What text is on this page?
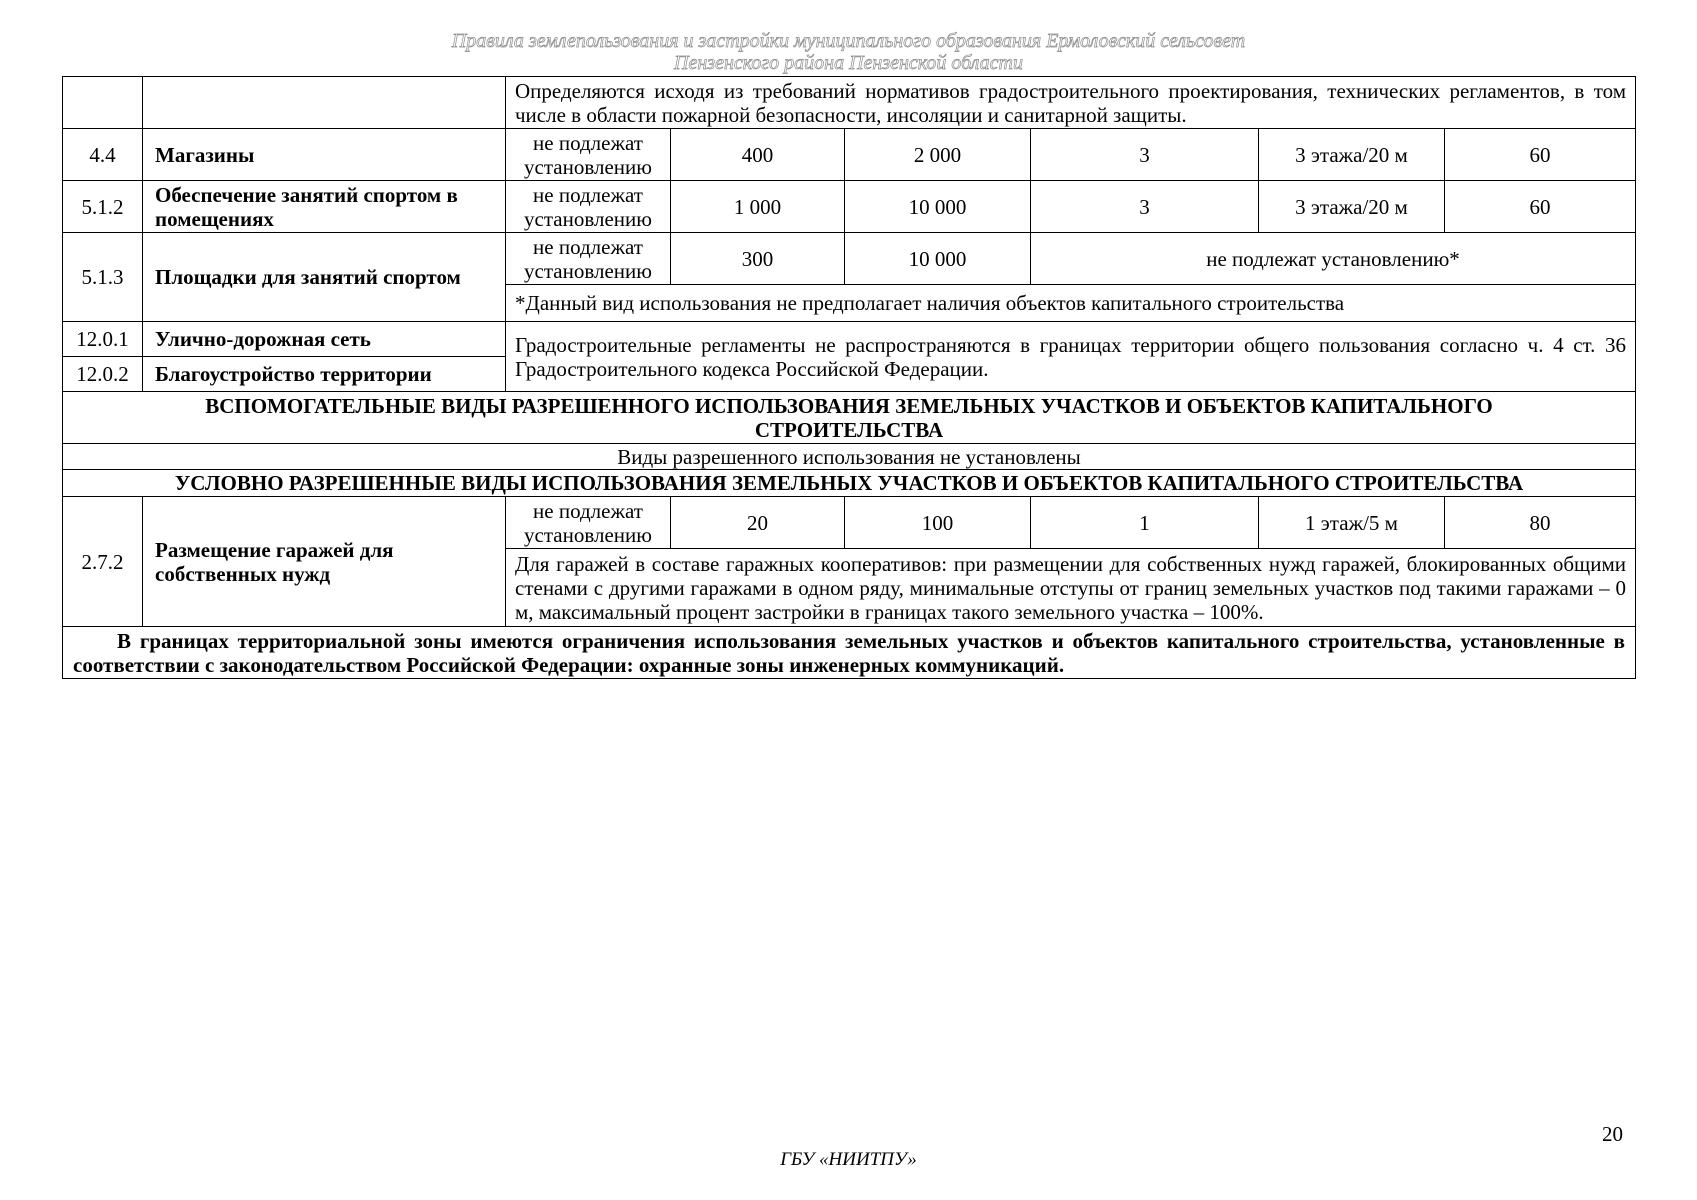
Правила землепользования и застройки муниципального образования Ермоловский сельсовет
Пензенского района Пензенской области
		Определяются исходя из требований нормативов градостроительного проектирования, технических регламентов, в том числе в области пожарной безопасности, инсоляции и санитарной защиты.					
4.4	Магазины	не подлежат установлению	400	2 000	3	3 этажа/20 м	60
5.1.2	Обеспечение занятий спортом в помещениях	не подлежат установлению	1 000	10 000	3	3 этажа/20 м	60
5.1.3	Площадки для занятий спортом	не подлежат установлению	300	10 000	не подлежат установлению*		
		*Данный вид использования не предполагает наличия объектов капитального строительства					
12.0.1	Улично-дорожная сеть	Градостроительные регламенты не распространяются в границах территории общего пользования согласно ч. 4 ст. 36 Градостроительного кодекса Российской Федерации.					
12.0.2	Благоустройство территории						
ВСПОМОГАТЕЛЬНЫЕ ВИДЫ РАЗРЕШЕННОГО ИСПОЛЬЗОВАНИЯ ЗЕМЕЛЬНЫХ УЧАСТКОВ И ОБЪЕКТОВ КАПИТАЛЬНОГО СТРОИТЕЛЬСТВА							
Виды разрешенного использования не установлены							
УСЛОВНО РАЗРЕШЕННЫЕ ВИДЫ ИСПОЛЬЗОВАНИЯ ЗЕМЕЛЬНЫХ УЧАСТКОВ И ОБЪЕКТОВ КАПИТАЛЬНОГО СТРОИТЕЛЬСТВА							
2.7.2	Размещение гаражей для собственных нужд	не подлежат установлению	20	100	1	1 этаж/5 м	80
		Для гаражей в составе гаражных кооперативов: при размещении для собственных нужд гаражей, блокированных общими стенами с другими гаражами в одном ряду, минимальные отступы от границ земельных участков под такими гаражами – 0 м, максимальный процент застройки в границах такого земельного участка – 100%.					
В границах территориальной зоны имеются ограничения использования земельных участков и объектов капитального строительства, установленные в соответствии с законодательством Российской Федерации: охранные зоны инженерных коммуникаций.							
20
ГБУ «НИИТПУ»
